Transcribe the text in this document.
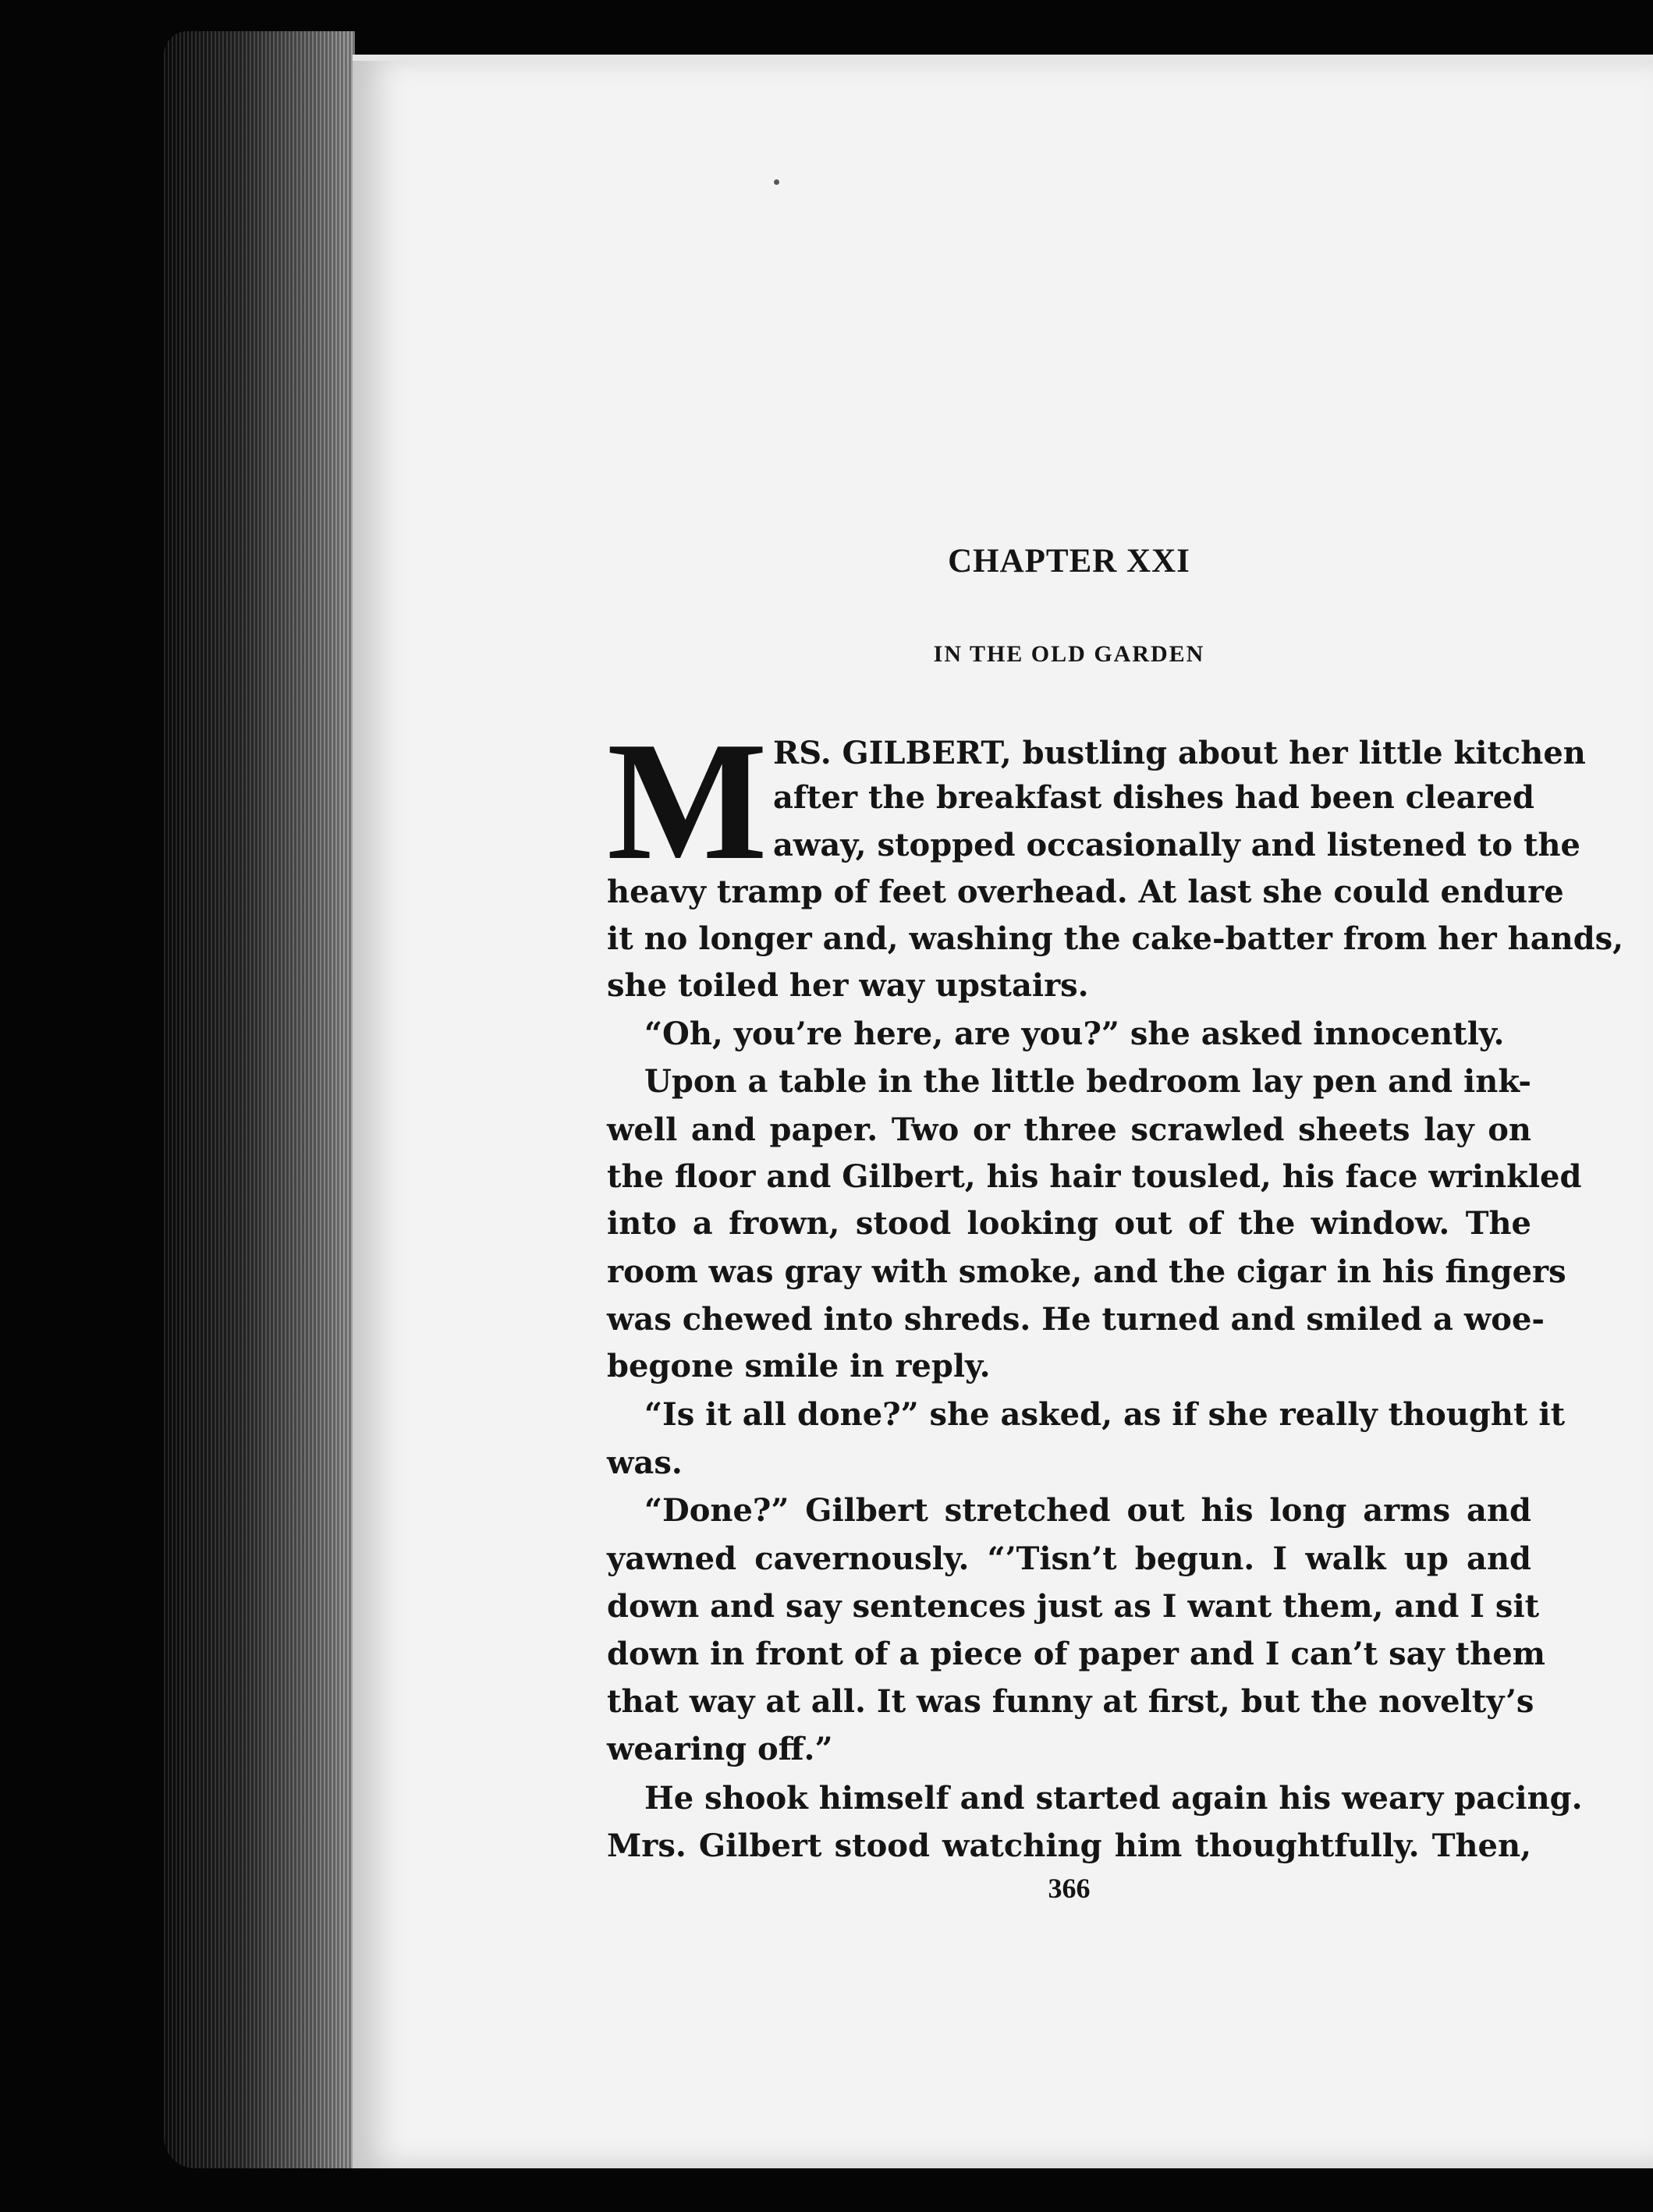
CHAPTER XXI
IN THE OLD GARDEN
M RS. GILBERT, bustling about her little kitchen
after the breakfast dishes had been cleared
away, stopped occasionally and listened to the
heavy tramp of feet overhead. At last she could endure
it no longer and, washing the cake-batter from her hands,
she toiled her way upstairs.
“Oh, you’re here, are you?” she asked innocently.
Upon a table in the little bedroom lay pen and ink-
well and paper. Two or three scrawled sheets lay on
the floor and Gilbert, his hair tousled, his face wrinkled
into a frown, stood looking out of the window. The
room was gray with smoke, and the cigar in his fingers
was chewed into shreds. He turned and smiled a woe-
begone smile in reply.
“Is it all done?” she asked, as if she really thought it
was.
“Done?” Gilbert stretched out his long arms and
yawned cavernously. “’Tisn’t begun. I walk up and
down and say sentences just as I want them, and I sit
down in front of a piece of paper and I can’t say them
that way at all. It was funny at first, but the novelty’s
wearing off.”
He shook himself and started again his weary pacing.
Mrs. Gilbert stood watching him thoughtfully. Then,
366
